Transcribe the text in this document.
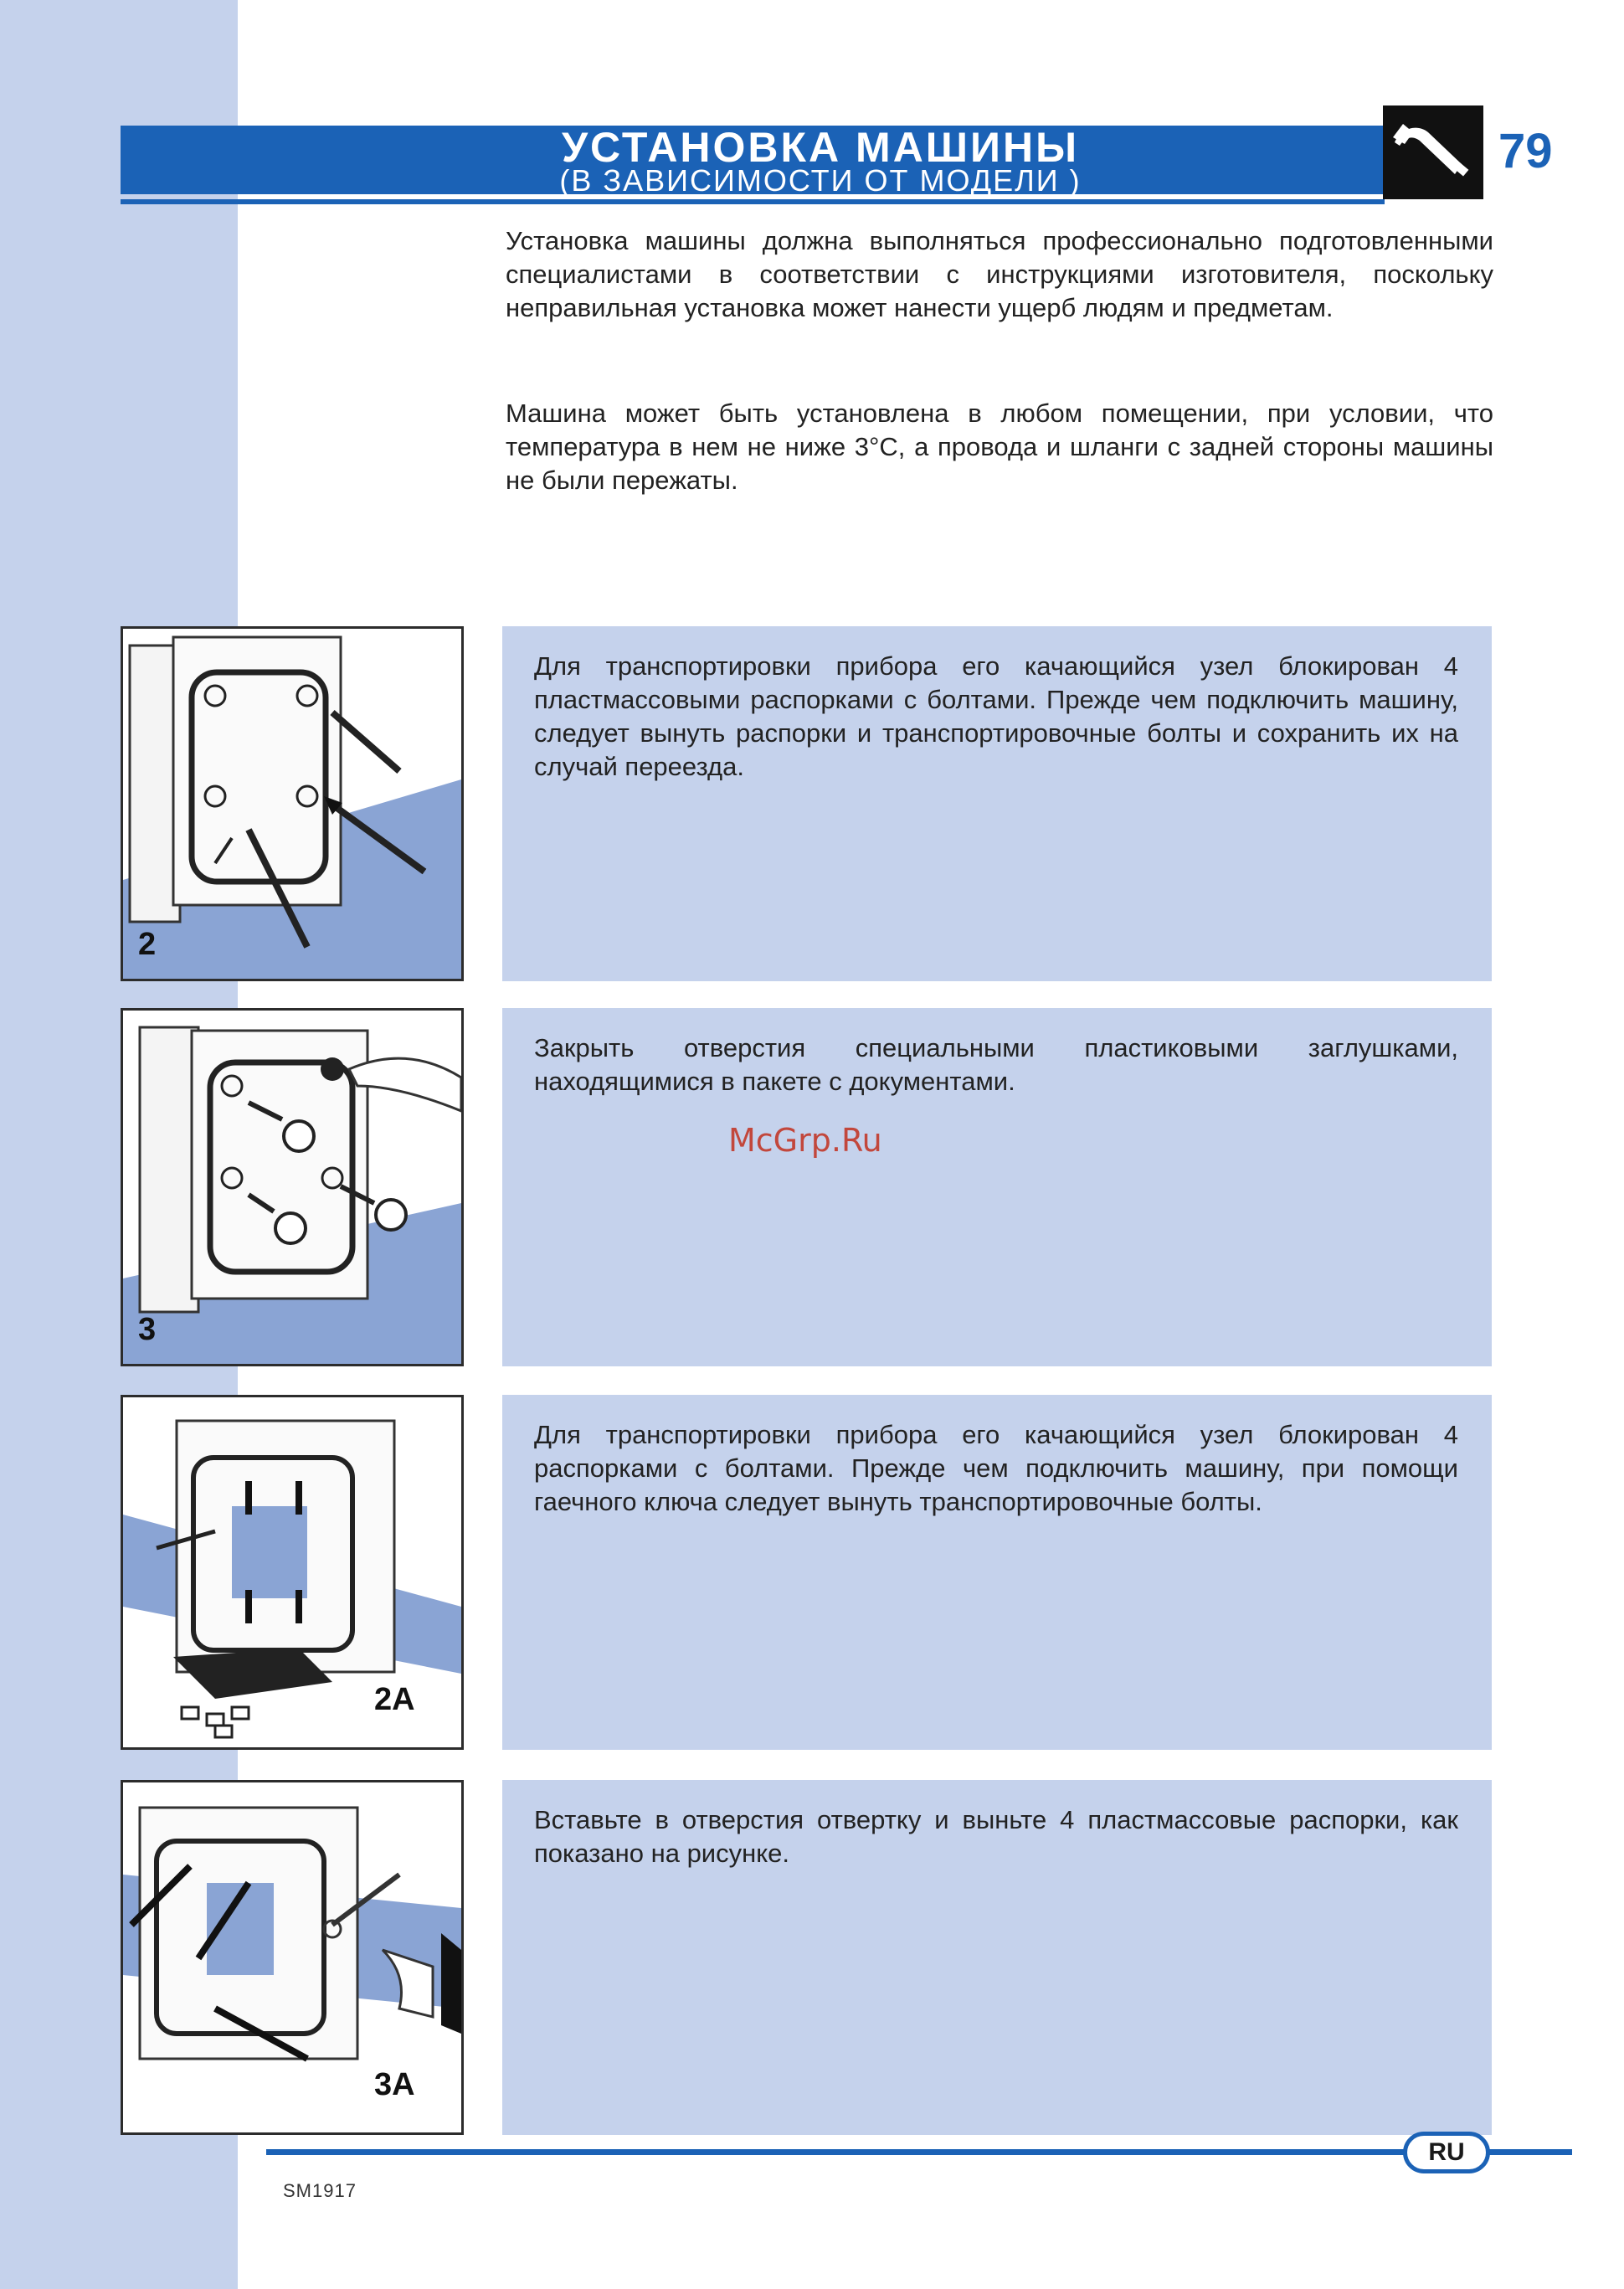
УСТАНОВКА МАШИНЫ
(В ЗАВИСИМОСТИ ОТ МОДЕЛИ )
79

Установка машины должна выполняться профессионально подготовленными специалистами в соответствии с инструкциями изготовителя, поскольку неправильная установка может нанести ущерб людям и предметам.

Машина может быть установлена в любом помещении, при условии, что температура в нем не ниже 3°С, а провода и шланги с задней стороны машины не были пережаты.

2

Для транспортировки прибора его качающийся узел блокирован 4 пластмассовыми распорками с болтами. Прежде чем подключить машину, следует вынуть распорки и транспортировочные болты и сохранить их на случай переезда.

3

Закрыть отверстия специальными пластиковыми заглушками, находящимися в пакете с документами.

2A

Для транспортировки прибора его качающийся узел блокирован 4 распорками с болтами. Прежде чем подключить машину, при помощи гаечного ключа следует вынуть транспортировочные болты.

3A

Вставьте в отверстия отвертку и выньте 4 пластмассовые распорки, как показано на рисунке.

McGrp.Ru
RU
SM1917
